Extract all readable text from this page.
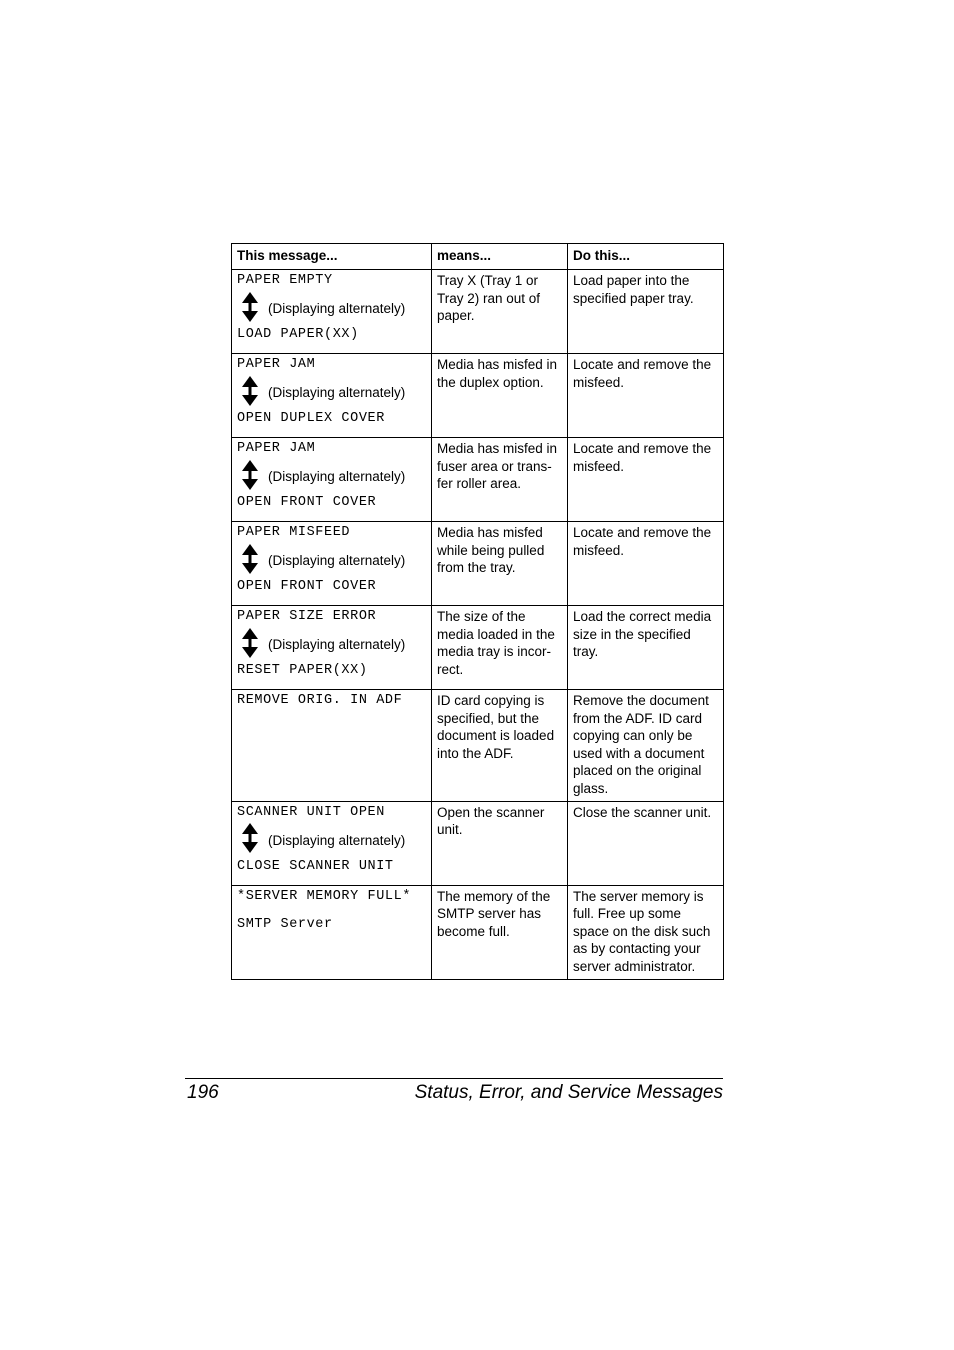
This message...	means...	Do this...

PAPER EMPTY
(Displaying alternately)
LOAD PAPER(XX)	Tray X (Tray 1 or Tray 2) ran out of paper.	Load paper into the specified paper tray.

PAPER JAM
(Displaying alternately)
OPEN DUPLEX COVER	Media has misfed in the duplex option.	Locate and remove the misfeed.

PAPER JAM
(Displaying alternately)
OPEN FRONT COVER	Media has misfed in fuser area or trans-fer roller area.	Locate and remove the misfeed.

PAPER MISFEED
(Displaying alternately)
OPEN FRONT COVER	Media has misfed while being pulled from the tray.	Locate and remove the misfeed.

PAPER SIZE ERROR
(Displaying alternately)
RESET PAPER(XX)	The size of the media loaded in the media tray is incor-rect.	Load the correct media size in the specified tray.

REMOVE ORIG. IN ADF	ID card copying is specified, but the document is loaded into the ADF.	Remove the document from the ADF. ID card copying can only be used with a document placed on the original glass.

SCANNER UNIT OPEN
(Displaying alternately)
CLOSE SCANNER UNIT	Open the scanner unit.	Close the scanner unit.

*SERVER MEMORY FULL*
SMTP Server	The memory of the SMTP server has become full.	The server memory is full. Free up some space on the disk such as by contacting your server administrator.
196	Status, Error, and Service Messages
